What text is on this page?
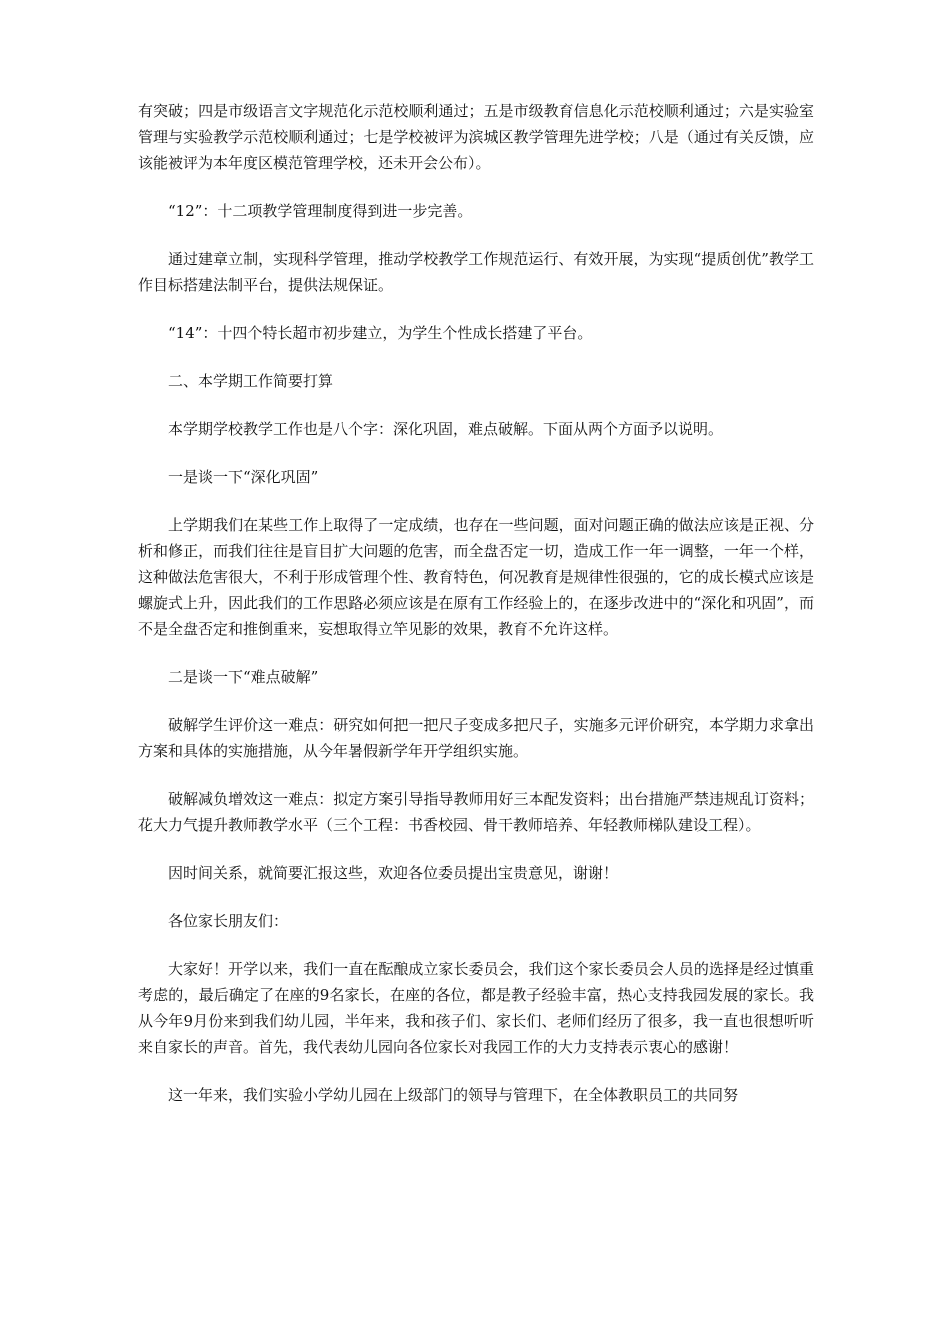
有突破；四是市级语言文字规范化示范校顺利通过；五是市级教育信息化示范校顺利通过；六是实验室管理与实验教学示范校顺利通过；七是学校被评为滨城区教学管理先进学校；八是（通过有关反馈，应该能被评为本年度区模范管理学校，还未开会公布）。

“12”：十二项教学管理制度得到进一步完善。

通过建章立制，实现科学管理，推动学校教学工作规范运行、有效开展，为实现“提质创优”教学工作目标搭建法制平台，提供法规保证。

“14”：十四个特长超市初步建立，为学生个性成长搭建了平台。

二、本学期工作简要打算

本学期学校教学工作也是八个字：深化巩固，难点破解。下面从两个方面予以说明。

一是谈一下“深化巩固”

上学期我们在某些工作上取得了一定成绩，也存在一些问题，面对问题正确的做法应该是正视、分析和修正，而我们往往是盲目扩大问题的危害，而全盘否定一切，造成工作一年一调整，一年一个样，这种做法危害很大，不利于形成管理个性、教育特色，何况教育是规律性很强的，它的成长模式应该是螺旋式上升，因此我们的工作思路必须应该是在原有工作经验上的，在逐步改进中的“深化和巩固”，而不是全盘否定和推倒重来，妄想取得立竿见影的效果，教育不允许这样。

二是谈一下“难点破解”

破解学生评价这一难点：研究如何把一把尺子变成多把尺子，实施多元评价研究，本学期力求拿出方案和具体的实施措施，从今年暑假新学年开学组织实施。

破解减负增效这一难点：拟定方案引导指导教师用好三本配发资料；出台措施严禁违规乱订资料；花大力气提升教师教学水平（三个工程：书香校园、骨干教师培养、年轻教师梯队建设工程）。

因时间关系，就简要汇报这些，欢迎各位委员提出宝贵意见，谢谢！

各位家长朋友们：

大家好！开学以来，我们一直在酝酿成立家长委员会，我们这个家长委员会人员的选择是经过慎重考虑的，最后确定了在座的9名家长，在座的各位，都是教子经验丰富，热心支持我园发展的家长。我从今年9月份来到我们幼儿园，半年来，我和孩子们、家长们、老师们经历了很多，我一直也很想听听来自家长的声音。首先，我代表幼儿园向各位家长对我园工作的大力支持表示衷心的感谢！

这一年来，我们实验小学幼儿园在上级部门的领导与管理下，在全体教职员工的共同努
